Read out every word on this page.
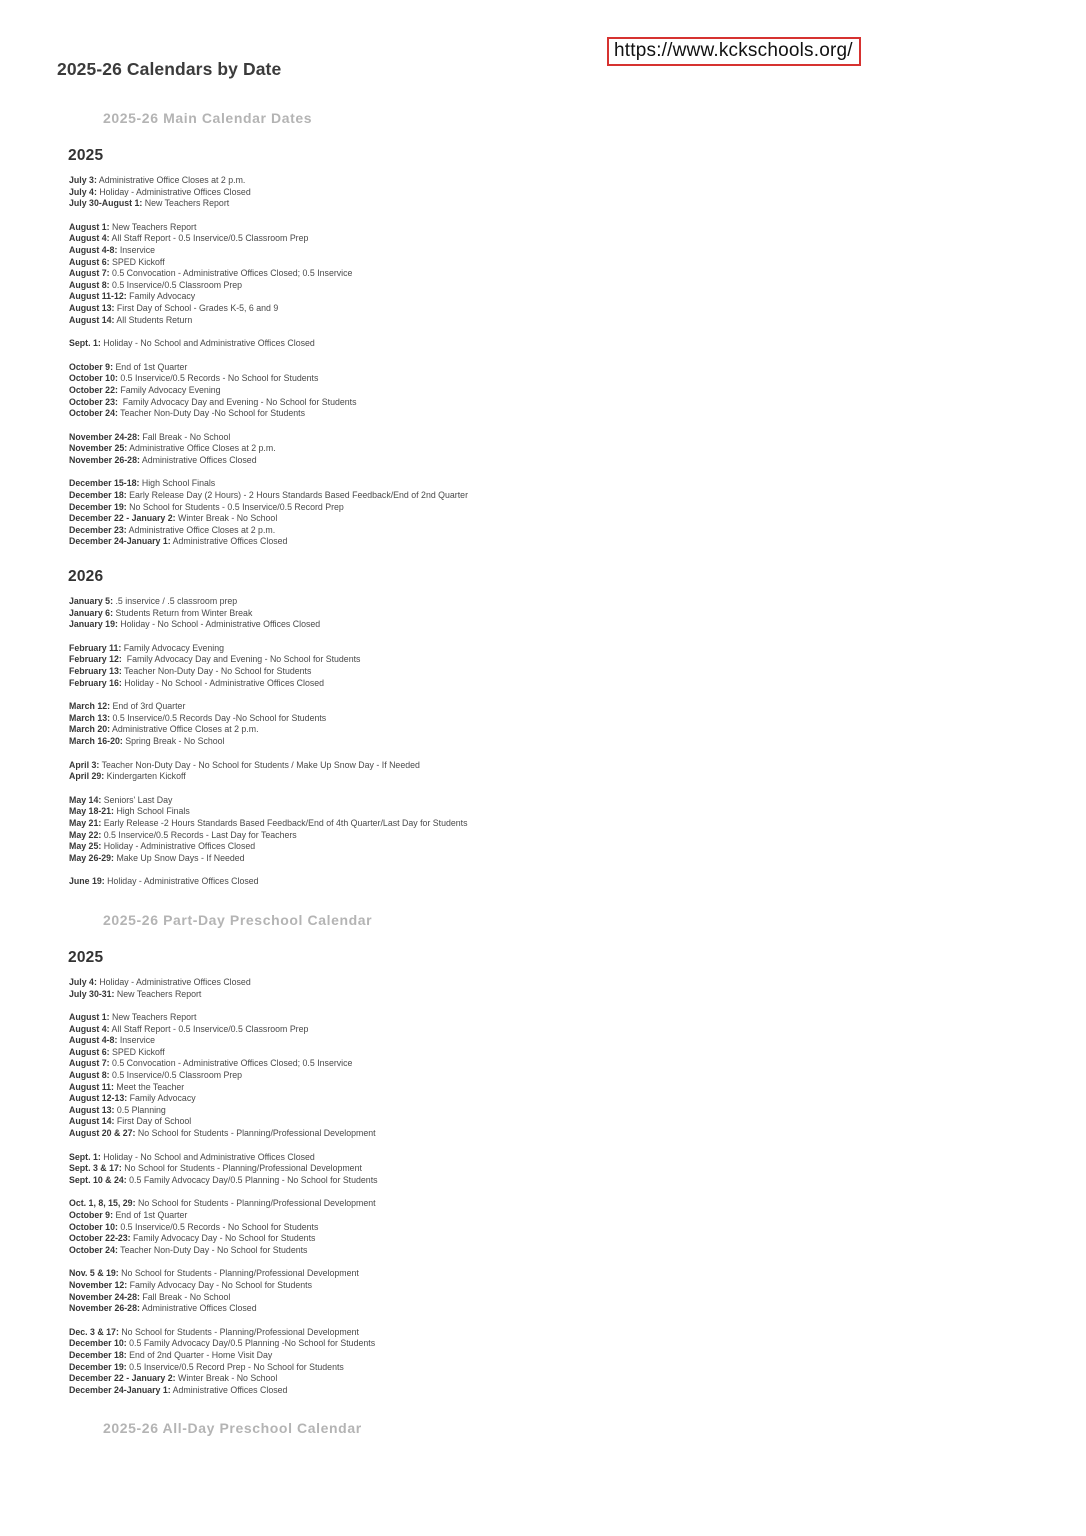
https://www.kckschools.org/
2025-26 Calendars by Date
2025-26 Main Calendar Dates
2025
July 3: Administrative Office Closes at 2 p.m.
July 4: Holiday - Administrative Offices Closed
July 30-August 1: New Teachers Report
August 1: New Teachers Report
August 4: All Staff Report - 0.5 Inservice/0.5 Classroom Prep
August 4-8: Inservice
August 6: SPED Kickoff
August 7: 0.5 Convocation - Administrative Offices Closed; 0.5 Inservice
August 8: 0.5 Inservice/0.5 Classroom Prep
August 11-12: Family Advocacy
August 13: First Day of School - Grades K-5, 6 and 9
August 14: All Students Return
Sept. 1: Holiday - No School and Administrative Offices Closed
October 9: End of 1st Quarter
October 10: 0.5 Inservice/0.5 Records - No School for Students
October 22: Family Advocacy Evening
October 23:  Family Advocacy Day and Evening - No School for Students
October 24: Teacher Non-Duty Day -No School for Students
November 24-28: Fall Break - No School
November 25: Administrative Office Closes at 2 p.m.
November 26-28: Administrative Offices Closed
December 15-18: High School Finals
December 18: Early Release Day (2 Hours) - 2 Hours Standards Based Feedback/End of 2nd Quarter
December 19: No School for Students - 0.5 Inservice/0.5 Record Prep
December 22 - January 2: Winter Break - No School
December 23: Administrative Office Closes at 2 p.m.
December 24-January 1: Administrative Offices Closed
2026
January 5: .5 inservice / .5 classroom prep
January 6: Students Return from Winter Break
January 19: Holiday - No School - Administrative Offices Closed
February 11: Family Advocacy Evening
February 12:  Family Advocacy Day and Evening - No School for Students
February 13: Teacher Non-Duty Day - No School for Students
February 16: Holiday - No School - Administrative Offices Closed
March 12: End of 3rd Quarter
March 13: 0.5 Inservice/0.5 Records Day -No School for Students
March 20: Administrative Office Closes at 2 p.m.
March 16-20: Spring Break - No School
April 3: Teacher Non-Duty Day - No School for Students / Make Up Snow Day - If Needed
April 29: Kindergarten Kickoff
May 14: Seniors' Last Day
May 18-21: High School Finals
May 21: Early Release -2 Hours Standards Based Feedback/End of 4th Quarter/Last Day for Students
May 22: 0.5 Inservice/0.5 Records - Last Day for Teachers
May 25: Holiday - Administrative Offices Closed
May 26-29: Make Up Snow Days - If Needed
June 19: Holiday - Administrative Offices Closed
2025-26 Part-Day Preschool Calendar
2025
July 4: Holiday - Administrative Offices Closed
July 30-31: New Teachers Report
August 1: New Teachers Report
August 4: All Staff Report - 0.5 Inservice/0.5 Classroom Prep
August 4-8: Inservice
August 6: SPED Kickoff
August 7: 0.5 Convocation - Administrative Offices Closed; 0.5 Inservice
August 8: 0.5 Inservice/0.5 Classroom Prep
August 11: Meet the Teacher
August 12-13: Family Advocacy
August 13: 0.5 Planning
August 14: First Day of School
August 20 & 27: No School for Students - Planning/Professional Development
Sept. 1: Holiday - No School and Administrative Offices Closed
Sept. 3 & 17: No School for Students - Planning/Professional Development
Sept. 10 & 24: 0.5 Family Advocacy Day/0.5 Planning - No School for Students
Oct. 1, 8, 15, 29: No School for Students - Planning/Professional Development
October 9: End of 1st Quarter
October 10: 0.5 Inservice/0.5 Records - No School for Students
October 22-23: Family Advocacy Day - No School for Students
October 24: Teacher Non-Duty Day - No School for Students
Nov. 5 & 19: No School for Students - Planning/Professional Development
November 12: Family Advocacy Day - No School for Students
November 24-28: Fall Break - No School
November 26-28: Administrative Offices Closed
Dec. 3 & 17: No School for Students - Planning/Professional Development
December 10: 0.5 Family Advocacy Day/0.5 Planning -No School for Students
December 18: End of 2nd Quarter - Home Visit Day
December 19: 0.5 Inservice/0.5 Record Prep - No School for Students
December 22 - January 2: Winter Break - No School
December 24-January 1: Administrative Offices Closed
2025-26 All-Day Preschool Calendar
